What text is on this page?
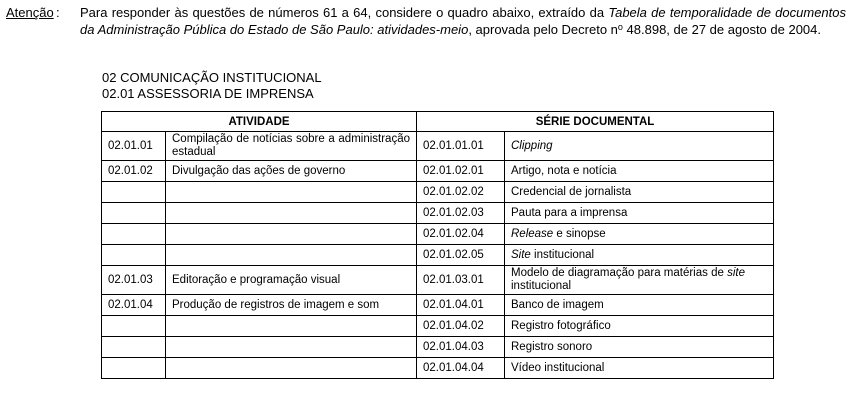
Atenção : Para responder às questões de números 61 a 64, considere o quadro abaixo, extraído da Tabela de temporalidade de documentos da Administração Pública do Estado de São Paulo: atividades-meio, aprovada pelo Decreto $n^o$ 48.898, de 27 de agosto de 2004.
02 COMUNICAÇÃO INSTITUCIONAL
02.01 ASSESSORIA DE IMPRENSA
ATIVIDADE		SÉRIE DOCUMENTAL	
02.01.01	Compilação de notícias sobre a administração estadual	02.01.01.01	Clipping
02.01.02	Divulgação das ações de governo	02.01.02.01	Artigo, nota e notícia
		02.01.02.02	Credencial de jornalista
		02.01.02.03	Pauta para a imprensa
		02.01.02.04	Release e sinopse
		02.01.02.05	Site institucional
02.01.03	Editoração e programação visual	02.01.03.01	Modelo de diagramação para matérias de site institucional
02.01.04	Produção de registros de imagem e som	02.01.04.01	Banco de imagem
		02.01.04.02	Registro fotográfico
		02.01.04.03	Registro sonoro
		02.01.04.04	Vídeo institucional
